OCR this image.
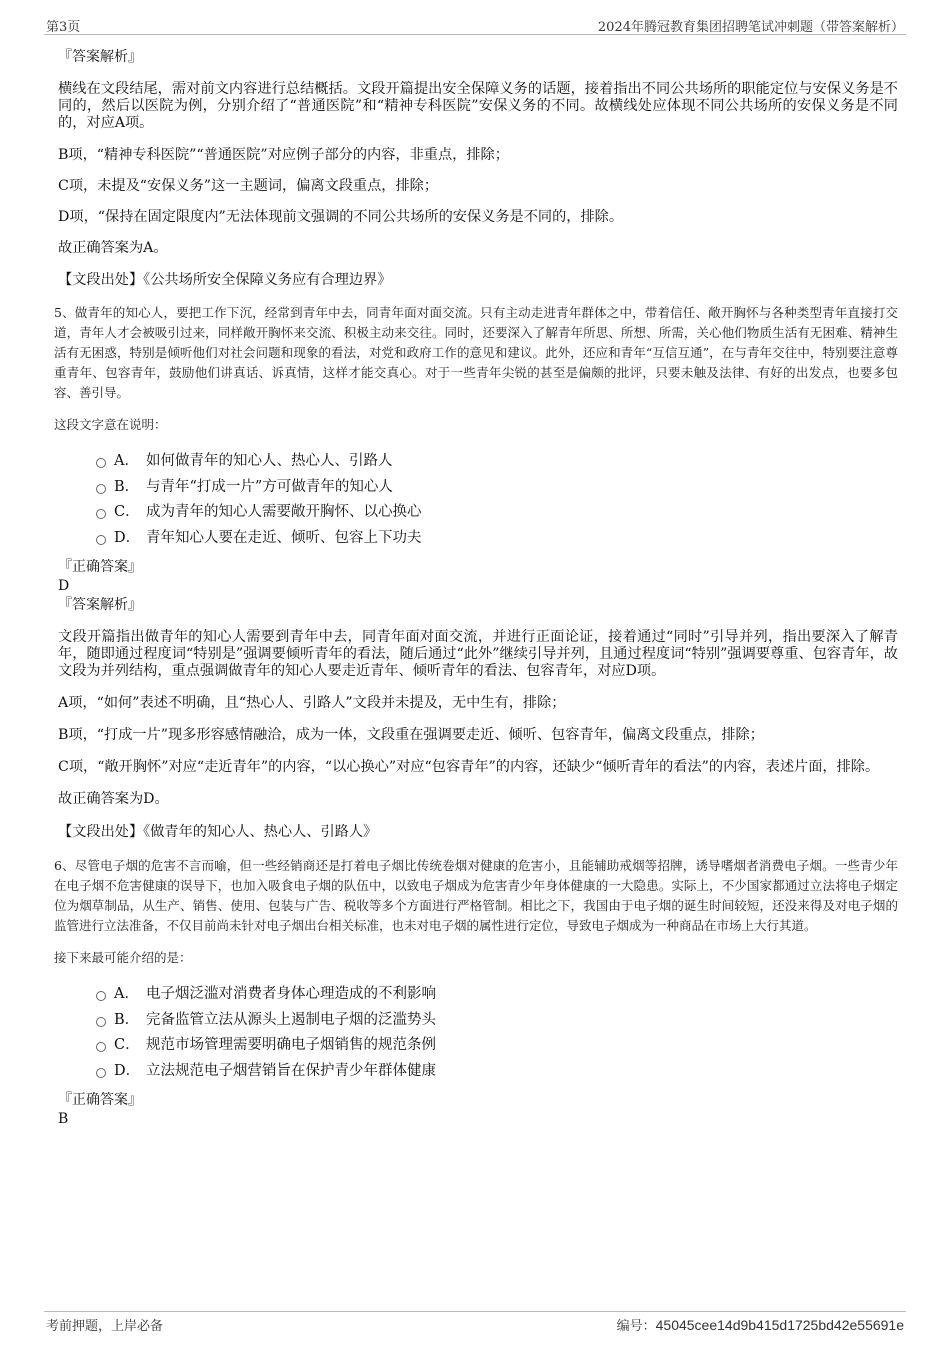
第3页	2024年腾冠教育集团招聘笔试冲刺题（带答案解析）

『答案解析』

横线在文段结尾，需对前文内容进行总结概括。文段开篇提出安全保障义务的话题，接着指出不同公共场所的职能定位与安保义务是不同的，然后以医院为例，分别介绍了“普通医院”和“精神专科医院”安保义务的不同。故横线处应体现不同公共场所的安保义务是不同的，对应A项。

B项，“精神专科医院”“普通医院”对应例子部分的内容，非重点，排除；

C项，未提及“安保义务”这一主题词，偏离文段重点，排除；

D项，“保持在固定限度内”无法体现前文强调的不同公共场所的安保义务是不同的，排除。

故正确答案为A。

【文段出处】《公共场所安全保障义务应有合理边界》

5、做青年的知心人，要把工作下沉，经常到青年中去，同青年面对面交流。只有主动走进青年群体之中，带着信任、敞开胸怀与各种类型青年直接打交道，青年人才会被吸引过来，同样敞开胸怀来交流、积极主动来交往。同时，还要深入了解青年所思、所想、所需，关心他们物质生活有无困难、精神生活有无困惑，特别是倾听他们对社会问题和现象的看法，对党和政府工作的意见和建议。此外，还应和青年“互信互通”，在与青年交往中，特别要注意尊重青年、包容青年，鼓励他们讲真话、诉真情，这样才能交真心。对于一些青年尖锐的甚至是偏颇的批评，只要未触及法律、有好的出发点，也要多包容、善引导。

这段文字意在说明：

A． 如何做青年的知心人、热心人、引路人
B． 与青年“打成一片”方可做青年的知心人
C． 成为青年的知心人需要敞开胸怀、以心换心
D． 青年知心人要在走近、倾听、包容上下功夫

『正确答案』

D

『答案解析』

文段开篇指出做青年的知心人需要到青年中去，同青年面对面交流，并进行正面论证，接着通过“同时”引导并列，指出要深入了解青年，随即通过程度词“特别是”强调要倾听青年的看法，随后通过“此外”继续引导并列，且通过程度词“特别”强调要尊重、包容青年，故文段为并列结构，重点强调做青年的知心人要走近青年、倾听青年的看法、包容青年，对应D项。

A项，“如何”表述不明确，且“热心人、引路人”文段并未提及，无中生有，排除；

B项，“打成一片”现多形容感情融洽，成为一体，文段重在强调要走近、倾听、包容青年，偏离文段重点，排除；

C项，“敞开胸怀”对应“走近青年”的内容，“以心换心”对应“包容青年”的内容，还缺少“倾听青年的看法”的内容，表述片面，排除。

故正确答案为D。

【文段出处】《做青年的知心人、热心人、引路人》

6、尽管电子烟的危害不言而喻，但一些经销商还是打着电子烟比传统卷烟对健康的危害小，且能辅助戒烟等招牌，诱导嗜烟者消费电子烟。一些青少年在电子烟不危害健康的误导下，也加入吸食电子烟的队伍中，以致电子烟成为危害青少年身体健康的一大隐患。实际上，不少国家都通过立法将电子烟定位为烟草制品，从生产、销售、使用、包装与广告、税收等多个方面进行严格管制。相比之下，我国由于电子烟的诞生时间较短，还没来得及对电子烟的监管进行立法准备，不仅目前尚未针对电子烟出台相关标准，也未对电子烟的属性进行定位，导致电子烟成为一种商品在市场上大行其道。

接下来最可能介绍的是：

A． 电子烟泛滥对消费者身体心理造成的不利影响
B． 完备监管立法从源头上遏制电子烟的泛滥势头
C． 规范市场管理需要明确电子烟销售的规范条例
D． 立法规范电子烟营销旨在保护青少年群体健康

『正确答案』

B

考前押题，上岸必备	编号：45045cee14d9b415d1725bd42e55691e
